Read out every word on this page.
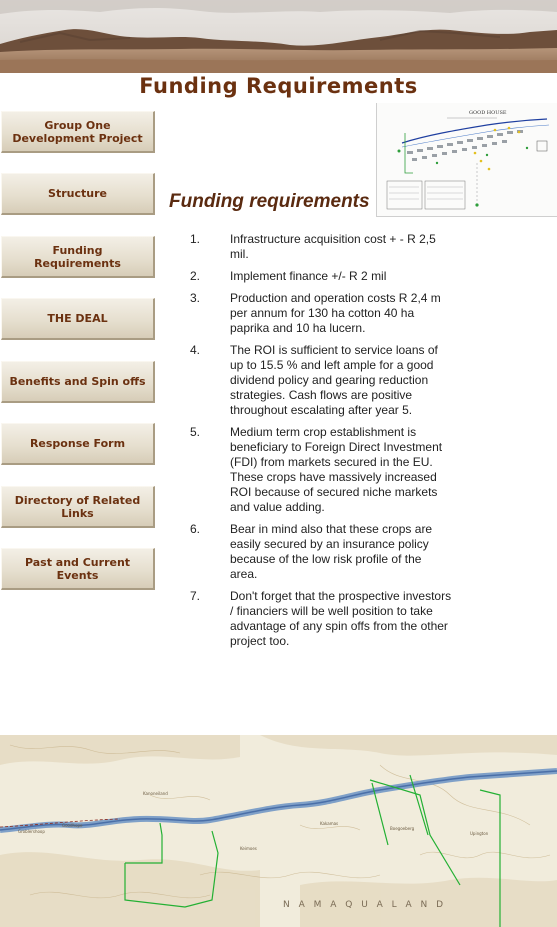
Funding Requirements
Group One Development Project
Structure
Funding Requirements
THE DEAL
Benefits and Spin offs
Response Form
Directory of Related Links
Past and Current Events
GOOD HOUSE
Funding requirements
1.	Infrastructure acquisition cost + - R 2,5 mil.
2.	Implement finance +/- R 2 mil
3.	Production and operation costs R 2,4 m per annum for 130 ha cotton 40 ha paprika and 10 ha lucern.
4.	The ROI is sufficient to service loans of up to 15.5 % and left ample for a good dividend policy and gearing reduction strategies. Cash flows are positive throughout escalating after year 5.
5.	Medium term crop establishment is beneficiary to Foreign Direct Investment (FDI) from markets secured in the EU. These crops have massively increased ROI because of secured niche markets and value adding.
6.	Bear in mind also that these crops are easily secured by an insurance policy because of the low risk profile of the area.
7.	Don't forget that the prospective investors / financiers will be well position to take advantage of any spin offs from the other project too.
Groblershoop
Goodhope
Kanoneiland
Keimoes
Kakamas
Boegoeberg
Upington
N A M A Q U A L A N D
